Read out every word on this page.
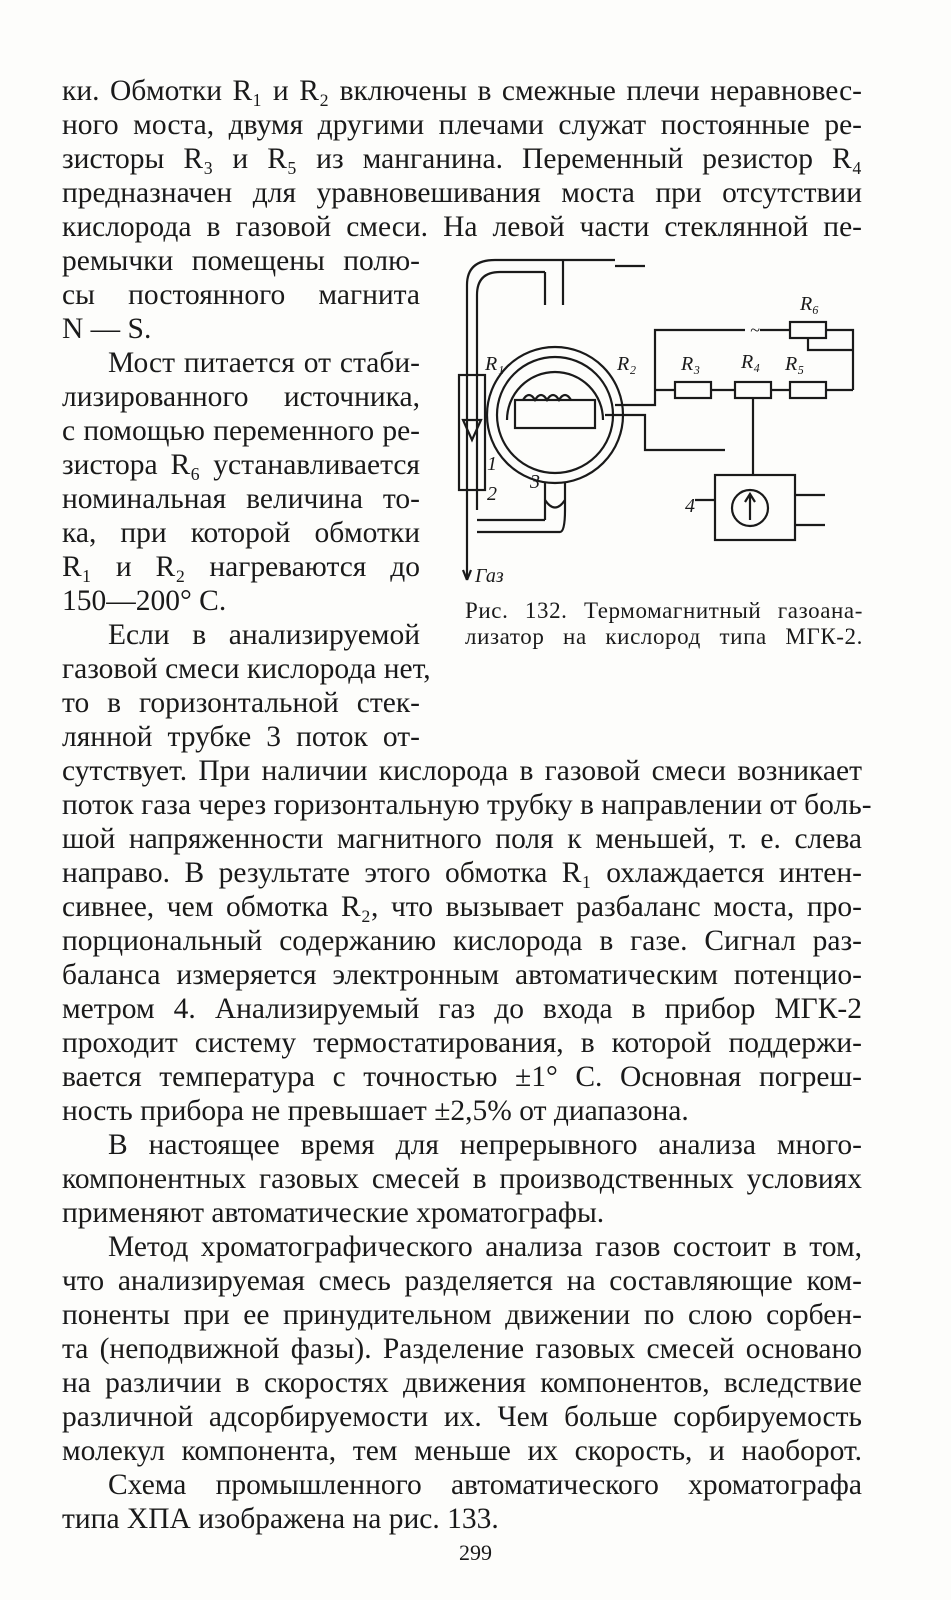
ки. Обмотки R₁ и R₂ включены в смежные плечи неравновес-
ного моста, двумя другими плечами служат постоянные ре-
зисторы R₃ и R₅ из манганина. Переменный резистор R₄
предназначен для уравновешивания моста при отсутствии
кислорода в газовой смеси. На левой части стеклянной пе-
ремычки помещены полю-
сы постоянного магнита
N — S.
Мост питается от стаби-
лизированного источника,
с помощью переменного ре-
зистора R₆ устанавливается
номинальная величина то-
ка, при которой обмотки
R₁ и R₂ нагреваются до
150—200° С.
Если в анализируемой
газовой смеси кислорода нет,
то в горизонтальной стек-
лянной трубке 3 поток от-
сутствует. При наличии кислорода в газовой смеси возникает
поток газа через горизонтальную трубку в направлении от боль-
шой напряженности магнитного поля к меньшей, т. е. слева
направо. В результате этого обмотка R₁ охлаждается интен-
сивнее, чем обмотка R₂, что вызывает разбаланс моста, про-
порциональный содержанию кислорода в газе. Сигнал раз-
баланса измеряется электронным автоматическим потенцио-
метром 4. Анализируемый газ до входа в прибор МГК-2
проходит систему термостатирования, в которой поддержи-
вается температура с точностью ±1° С. Основная погреш-
ность прибора не превышает ±2,5% от диапазона.
В настоящее время для непрерывного анализа много-
компонентных газовых смесей в производственных условиях
применяют автоматические хроматографы.
Метод хроматографического анализа газов состоит в том,
что анализируемая смесь разделяется на составляющие ком-
поненты при ее принудительном движении по слою сорбен-
та (неподвижной фазы). Разделение газовых смесей основано
на различии в скоростях движения компонентов, вследствие
различной адсорбируемости их. Чем больше сорбируемость
молекул компонента, тем меньше их скорость, и наоборот.
Схема промышленного автоматического хроматографа
типа ХПА изображена на рис. 133.
R₁	R₂ R₃ R₄ R₅
R₆
~
1
2
3
4
Газ
Рис. 132. Термомагнитный газоана-
лизатор на кислород типа МГК-2.
299
